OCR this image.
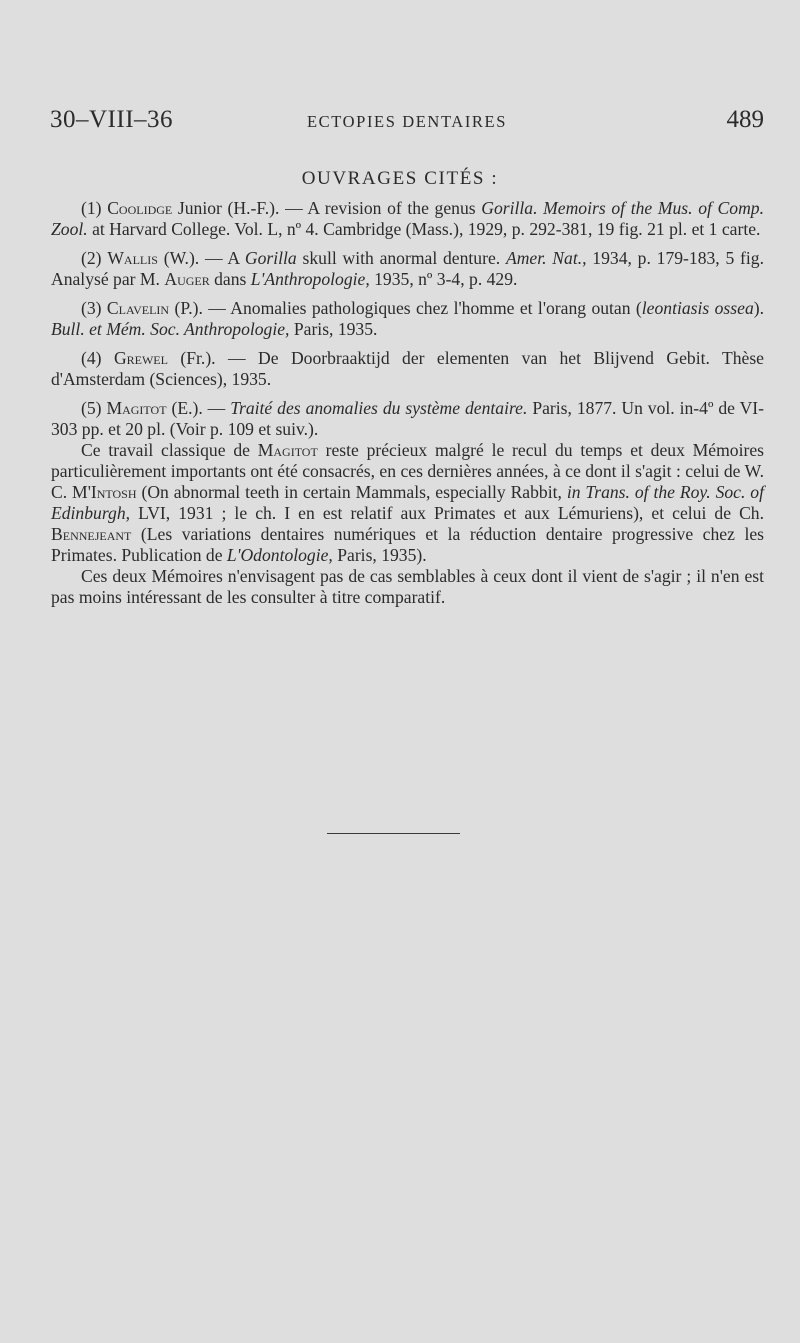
30–VIII–36	ECTOPIES DENTAIRES	489
OUVRAGES CITÉS :

(1) Coolidge Junior (H.-F.). — A revision of the genus Gorilla. Memoirs of the Mus. of Comp. Zool. at Harvard College. Vol. L, nº 4. Cambridge (Mass.), 1929, p. 292-381, 19 fig. 21 pl. et 1 carte.

(2) Wallis (W.). — A Gorilla skull with anormal denture. Amer. Nat., 1934, p. 179-183, 5 fig. Analysé par M. Auger dans L'Anthropologie, 1935, nº 3-4, p. 429.

(3) Clavelin (P.). — Anomalies pathologiques chez l'homme et l'orang outan (leontiasis ossea). Bull. et Mém. Soc. Anthropologie, Paris, 1935.

(4) Grewel (Fr.). — De Doorbraaktijd der elementen van het Blijvend Gebit. Thèse d'Amsterdam (Sciences), 1935.

(5) Magitot (E.). — Traité des anomalies du système dentaire. Paris, 1877. Un vol. in-4º de VI-303 pp. et 20 pl. (Voir p. 109 et suiv.).

Ce travail classique de Magitot reste précieux malgré le recul du temps et deux Mémoires particulièrement importants ont été consacrés, en ces dernières années, à ce dont il s'agit : celui de W. C. M'Intosh (On abnormal teeth in certain Mammals, especially Rabbit, in Trans. of the Roy. Soc. of Edinburgh, LVI, 1931 ; le ch. I en est relatif aux Primates et aux Lémuriens), et celui de Ch. Bennejeant (Les variations dentaires numériques et la réduction dentaire progressive chez les Primates. Publication de L'Odontologie, Paris, 1935).

Ces deux Mémoires n'envisagent pas de cas semblables à ceux dont il vient de s'agir ; il n'en est pas moins intéressant de les consulter à titre comparatif.
